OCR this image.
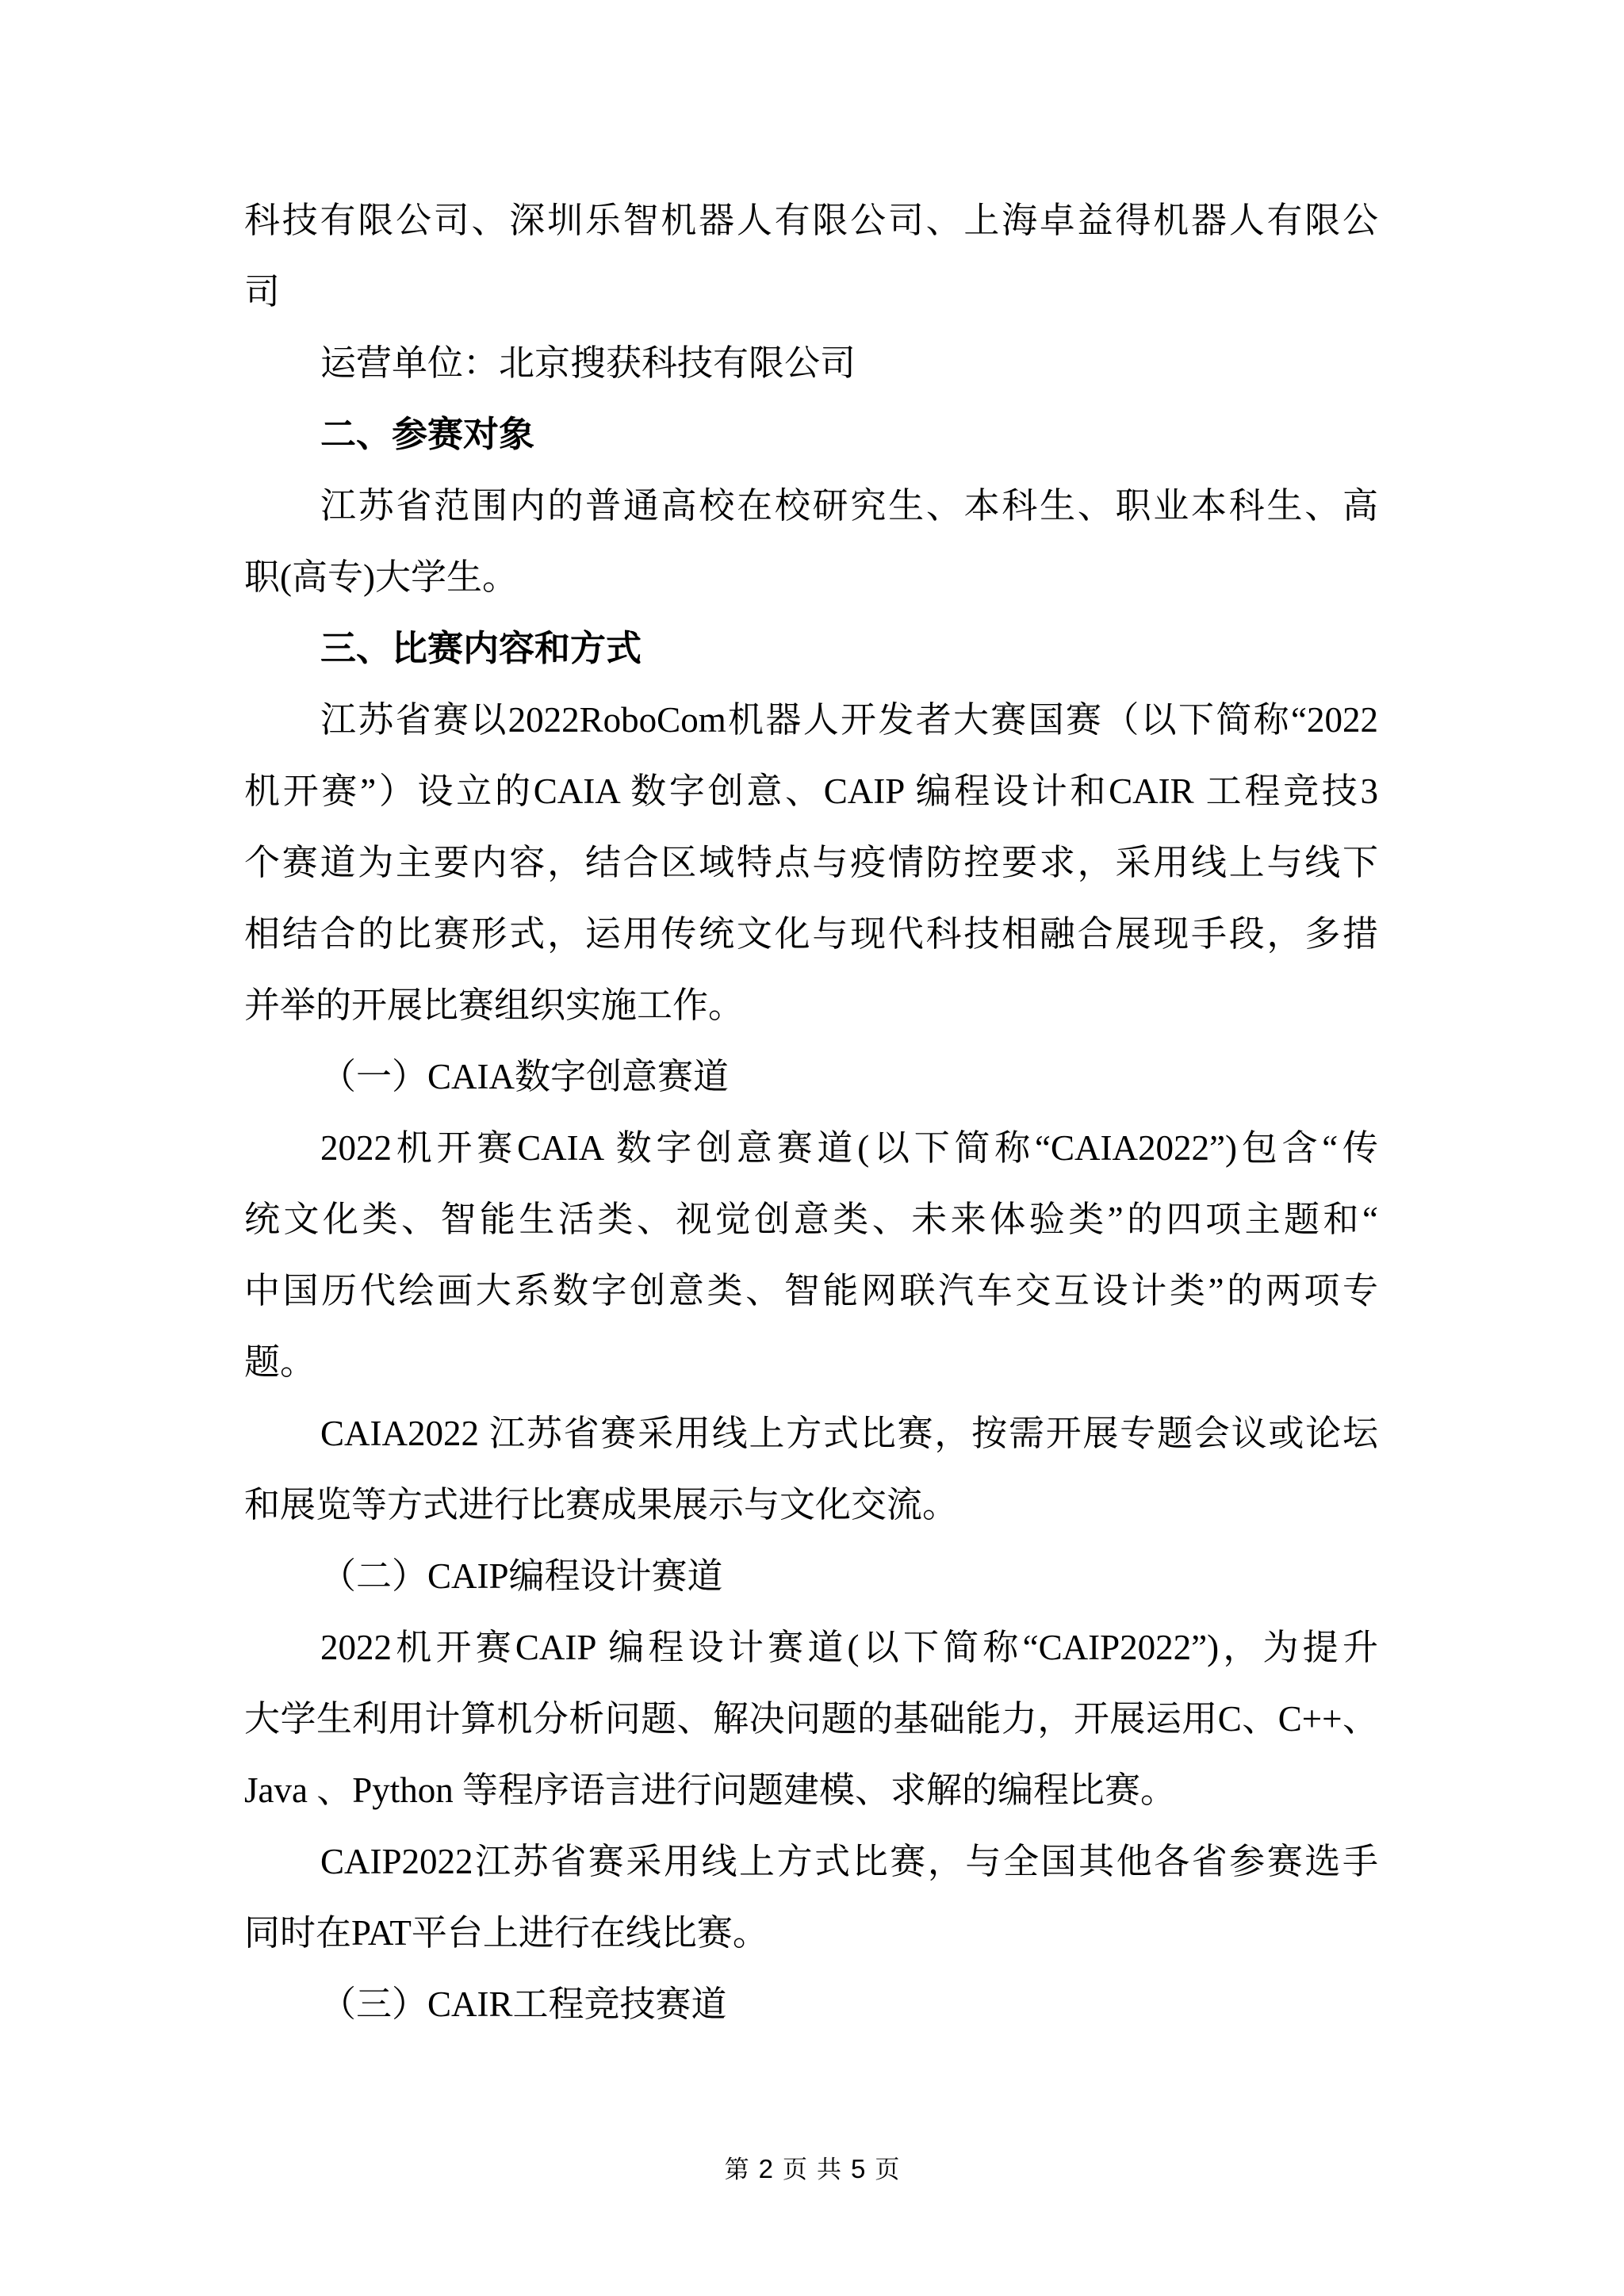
科技有限公司、深圳乐智机器人有限公司、上海卓益得机器人有限公
司
运营单位：北京搜获科技有限公司
二、参赛对象
江苏省范围内的普通高校在校研究生、本科生、职业本科生、高
职(高专)大学生。
三、比赛内容和方式
江苏省赛以2022RoboCom机器人开发者大赛国赛（以下简称“2022
机开赛”）设立的CAIA 数字创意、CAIP 编程设计和CAIR 工程竞技3
个赛道为主要内容，结合区域特点与疫情防控要求，采用线上与线下
相结合的比赛形式，运用传统文化与现代科技相融合展现手段，多措
并举的开展比赛组织实施工作。
（一）CAIA数字创意赛道
2022机开赛CAIA 数字创意赛道(以下简称“CAIA2022”)包含“传
统文化类、智能生活类、视觉创意类、未来体验类”的四项主题和“
中国历代绘画大系数字创意类、智能网联汽车交互设计类”的两项专
题。
CAIA2022 江苏省赛采用线上方式比赛，按需开展专题会议或论坛
和展览等方式进行比赛成果展示与文化交流。
（二）CAIP编程设计赛道
2022机开赛CAIP 编程设计赛道(以下简称“CAIP2022”)，为提升
大学生利用计算机分析问题、解决问题的基础能力，开展运用C、C++、
Java 、Python 等程序语言进行问题建模、求解的编程比赛。
CAIP2022江苏省赛采用线上方式比赛，与全国其他各省参赛选手
同时在PAT平台上进行在线比赛。
（三）CAIR工程竞技赛道
第 2 页 共 5 页
